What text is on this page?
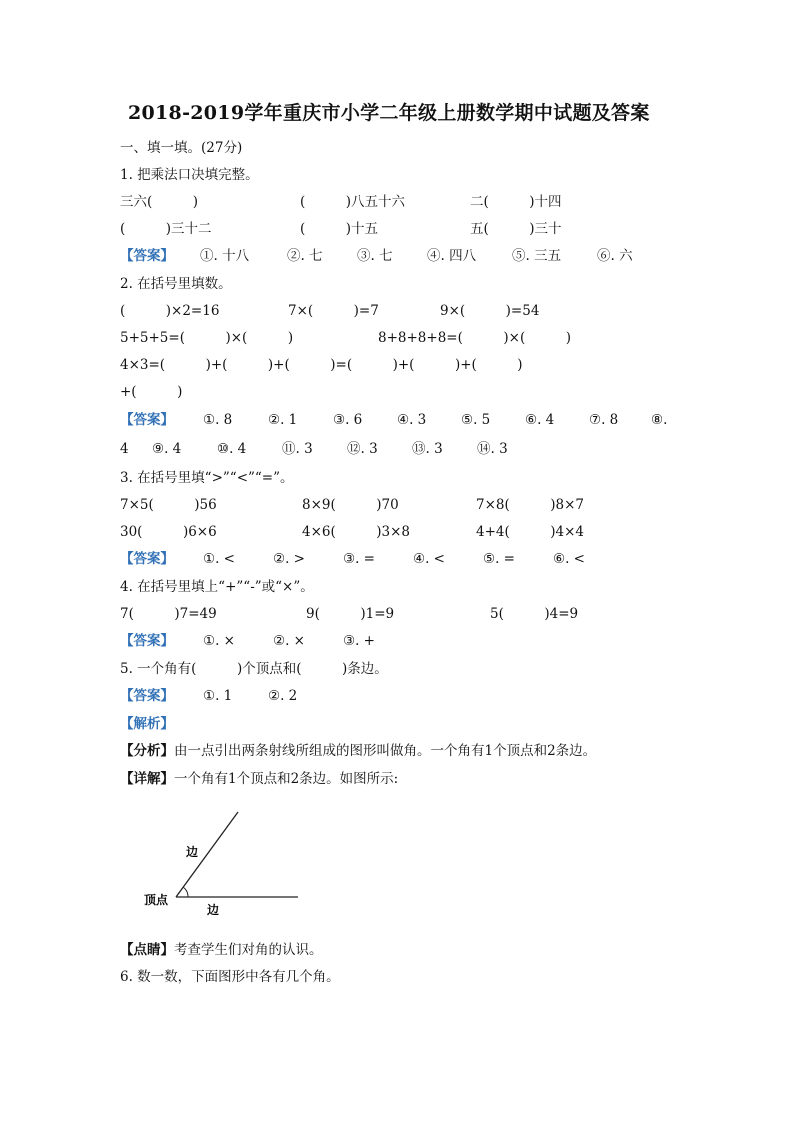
2018-2019学年重庆市小学二年级上册数学期中试题及答案
一、填一填。(27分)
1. 把乘法口决填完整。
三六(　　　)	(　　　)八五十六	二(　　　)十四
(　　　)三十二	(　　　)十五	五(　　　)三十
【答案】 ①. 十八	②. 七	③. 七	④. 四八	⑤. 三五	⑥. 六
2. 在括号里填数。
(　　　)×2=16	7×(　　　)=7	9×(　　　)=54
5+5+5=(　　　)×(　　　)	8+8+8+8=(　　　)×(　　　)
4×3=(　　　)+(　　　)+(　　　)=(　　　)+(　　　)+(　　　)
+(　　　)
【答案】 ①. 8	②. 1	③. 6	④. 3	⑤. 5	⑥. 4	⑦. 8 ⑧.
4 ⑨. 4	⑩. 4	⑪. 3	⑫. 3	⑬. 3	⑭. 3
3. 在括号里填“>”“<”“=”。
7×5(　　　)56	8×9(　　　)70	7×8(　　　)8×7
30(　　　)6×6	4×6(　　　)3×8	4+4(　　　)4×4
【答案】 ①. <	②. >	③. =	④. <	⑤. =	⑥. <
4. 在括号里填上“+”“-”或“×”。
7(　　　)7=49	9(　　　)1=9	5(　　　)4=9
【答案】 ①. ×	②. ×	③. +
5. 一个角有(　　　)个顶点和(　　　)条边。
【答案】 ①. 1	②. 2
【解析】
【分析】由一点引出两条射线所组成的图形叫做角。一个角有1个顶点和2条边。
【详解】一个角有1个顶点和2条边。如图所示:
边
边
顶点
【点睛】考查学生们对角的认识。
6. 数一数，下面图形中各有几个角。
